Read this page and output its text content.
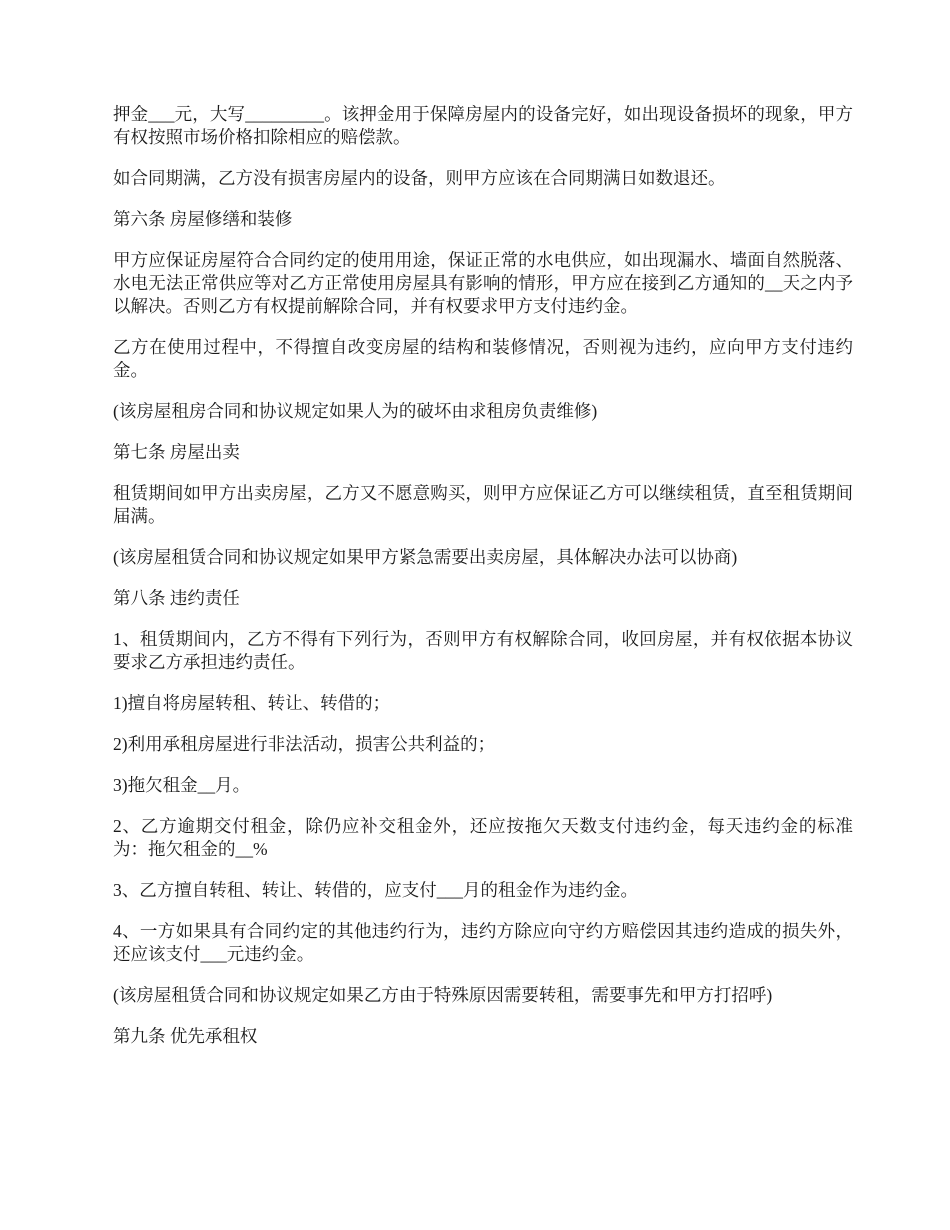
押金___元，大写_________。该押金用于保障房屋内的设备完好，如出现设备损坏的现象，甲方有权按照市场价格扣除相应的赔偿款。

如合同期满，乙方没有损害房屋内的设备，则甲方应该在合同期满日如数退还。

第六条 房屋修缮和装修

甲方应保证房屋符合合同约定的使用用途，保证正常的水电供应，如出现漏水、墙面自然脱落、水电无法正常供应等对乙方正常使用房屋具有影响的情形，甲方应在接到乙方通知的__天之内予以解决。否则乙方有权提前解除合同，并有权要求甲方支付违约金。

乙方在使用过程中，不得擅自改变房屋的结构和装修情况，否则视为违约，应向甲方支付违约金。

(该房屋租房合同和协议规定如果人为的破坏由求租房负责维修)

第七条 房屋出卖

租赁期间如甲方出卖房屋，乙方又不愿意购买，则甲方应保证乙方可以继续租赁，直至租赁期间届满。

(该房屋租赁合同和协议规定如果甲方紧急需要出卖房屋，具体解决办法可以协商)

第八条 违约责任

1、租赁期间内，乙方不得有下列行为，否则甲方有权解除合同，收回房屋，并有权依据本协议要求乙方承担违约责任。

1)擅自将房屋转租、转让、转借的；

2)利用承租房屋进行非法活动，损害公共利益的；

3)拖欠租金__月。

2、乙方逾期交付租金，除仍应补交租金外，还应按拖欠天数支付违约金，每天违约金的标准为：拖欠租金的__%

3、乙方擅自转租、转让、转借的，应支付___月的租金作为违约金。

4、一方如果具有合同约定的其他违约行为，违约方除应向守约方赔偿因其违约造成的损失外，还应该支付___元违约金。

(该房屋租赁合同和协议规定如果乙方由于特殊原因需要转租，需要事先和甲方打招呼)

第九条 优先承租权
